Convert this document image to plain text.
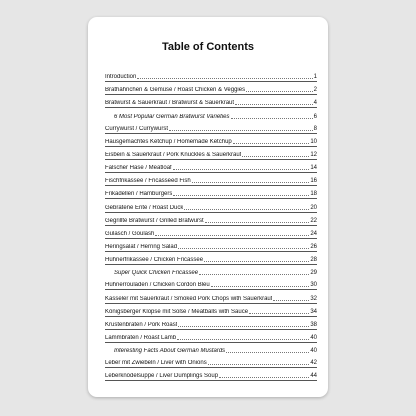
Table of Contents
Introduction	1
Brathähnchen & Gemüse / Roast Chicken & Veggies	2
Bratwurst & Sauerkraut / Bratwurst & Sauerkraut	4
6 Most Popular German Bratwurst Varieties	6
Currywurst / Currywurst	8
Hausgemachtes Ketchup / Homemade Ketchup	10
Eisbein & Sauerkraut / Pork Knuckles & Sauerkraut	12
Falscher Hase / Meatloaf	14
Fischfrikassee / Fricasseed Fish	16
Frikadellen / Hamburgers	18
Gebratene Ente / Roast Duck	20
Gegrillte Bratwurst / Grilled Bratwurst	22
Gulasch / Goulash	24
Heringsalat / Herring Salad	26
Hühnerfrikassee / Chicken Fricassee	28
Super Quick Chicken Fricassee	29
Hühnerrouladen / Chicken Cordon Bleu	30
Kasseler mit Sauerkraut / Smoked Pork Chops with Sauerkraut	32
Königsberger Klopse mit Soße / Meatballs with Sauce	34
Krustenbraten / Pork Roast	38
Lammbraten / Roast Lamb	40
Interesting Facts About German Mustards	40
Leber mit Zwiebeln / Liver with Onions	42
Leberknödelsuppe / Liver Dumplings Soup	44
